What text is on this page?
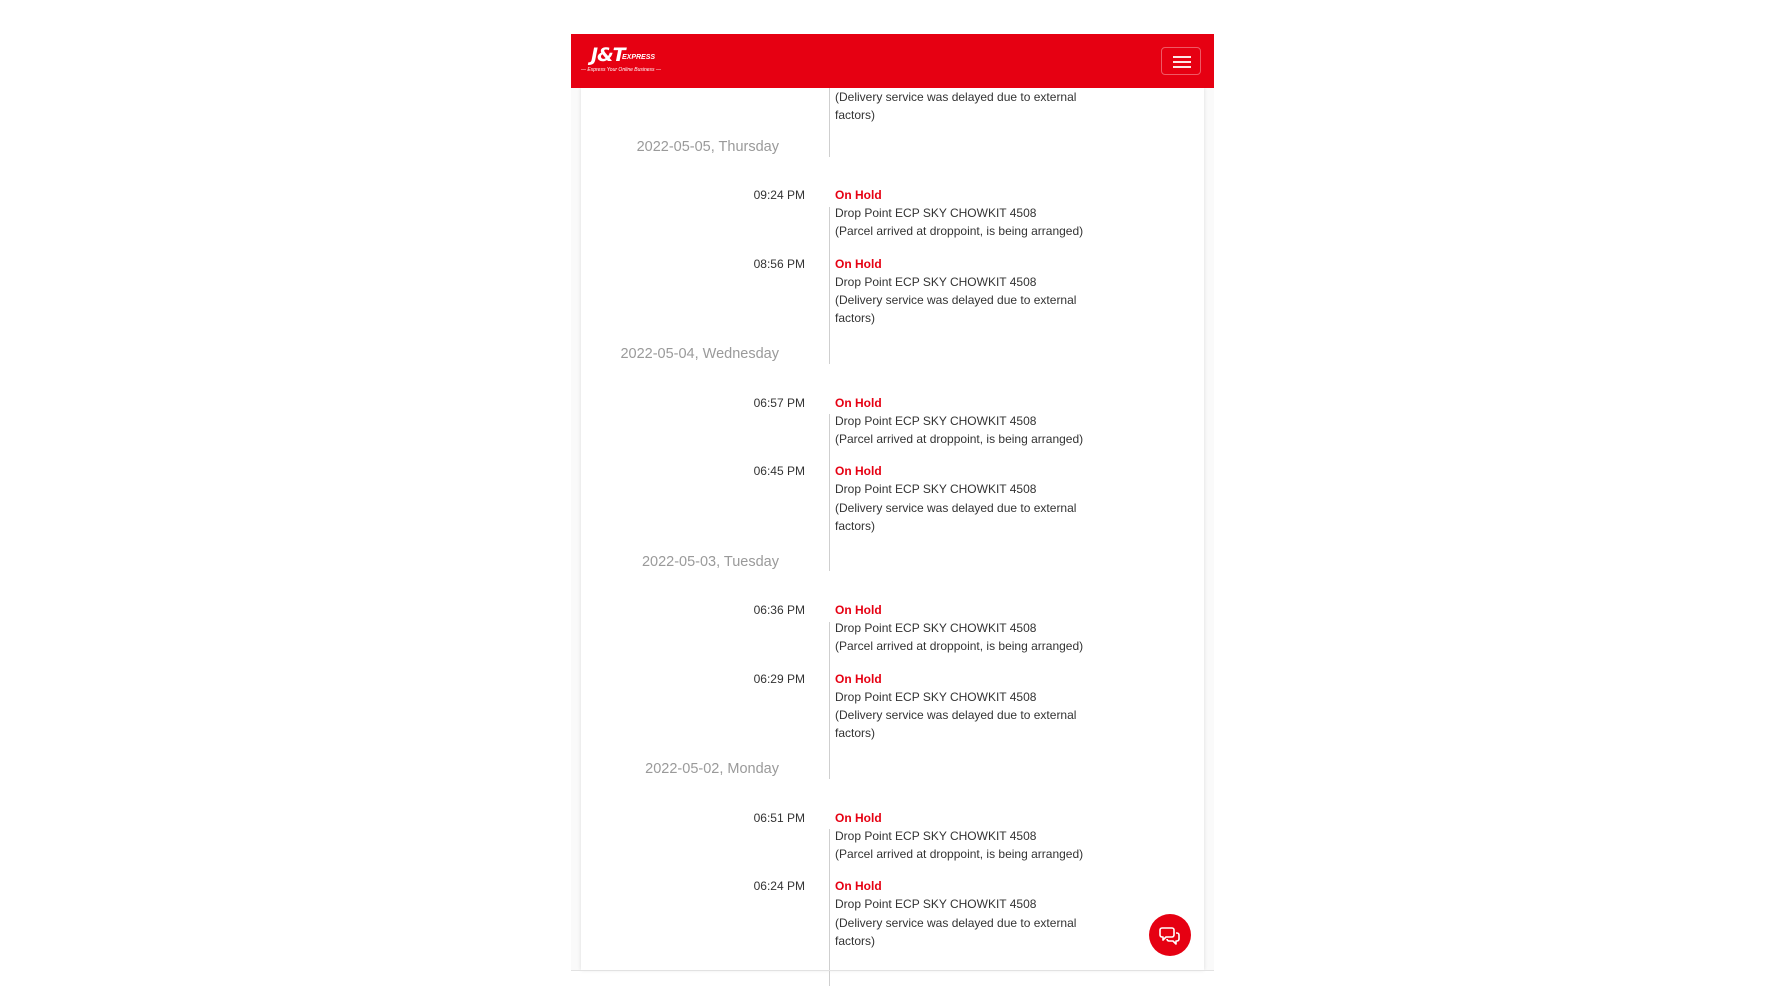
J&T
EXPRESS
— Express Your Online Business —
(Delivery service was delayed due to external
factors)
2022-05-05, Thursday
09:24 PM	On Hold
Drop Point ECP SKY CHOWKIT 4508
(Parcel arrived at droppoint, is being arranged)
08:56 PM	On Hold
Drop Point ECP SKY CHOWKIT 4508
(Delivery service was delayed due to external
factors)
2022-05-04, Wednesday
06:57 PM	On Hold
Drop Point ECP SKY CHOWKIT 4508
(Parcel arrived at droppoint, is being arranged)
06:45 PM	On Hold
Drop Point ECP SKY CHOWKIT 4508
(Delivery service was delayed due to external
factors)
2022-05-03, Tuesday
06:36 PM	On Hold
Drop Point ECP SKY CHOWKIT 4508
(Parcel arrived at droppoint, is being arranged)
06:29 PM	On Hold
Drop Point ECP SKY CHOWKIT 4508
(Delivery service was delayed due to external
factors)
2022-05-02, Monday
06:51 PM	On Hold
Drop Point ECP SKY CHOWKIT 4508
(Parcel arrived at droppoint, is being arranged)
06:24 PM	On Hold
Drop Point ECP SKY CHOWKIT 4508
(Delivery service was delayed due to external
factors)
